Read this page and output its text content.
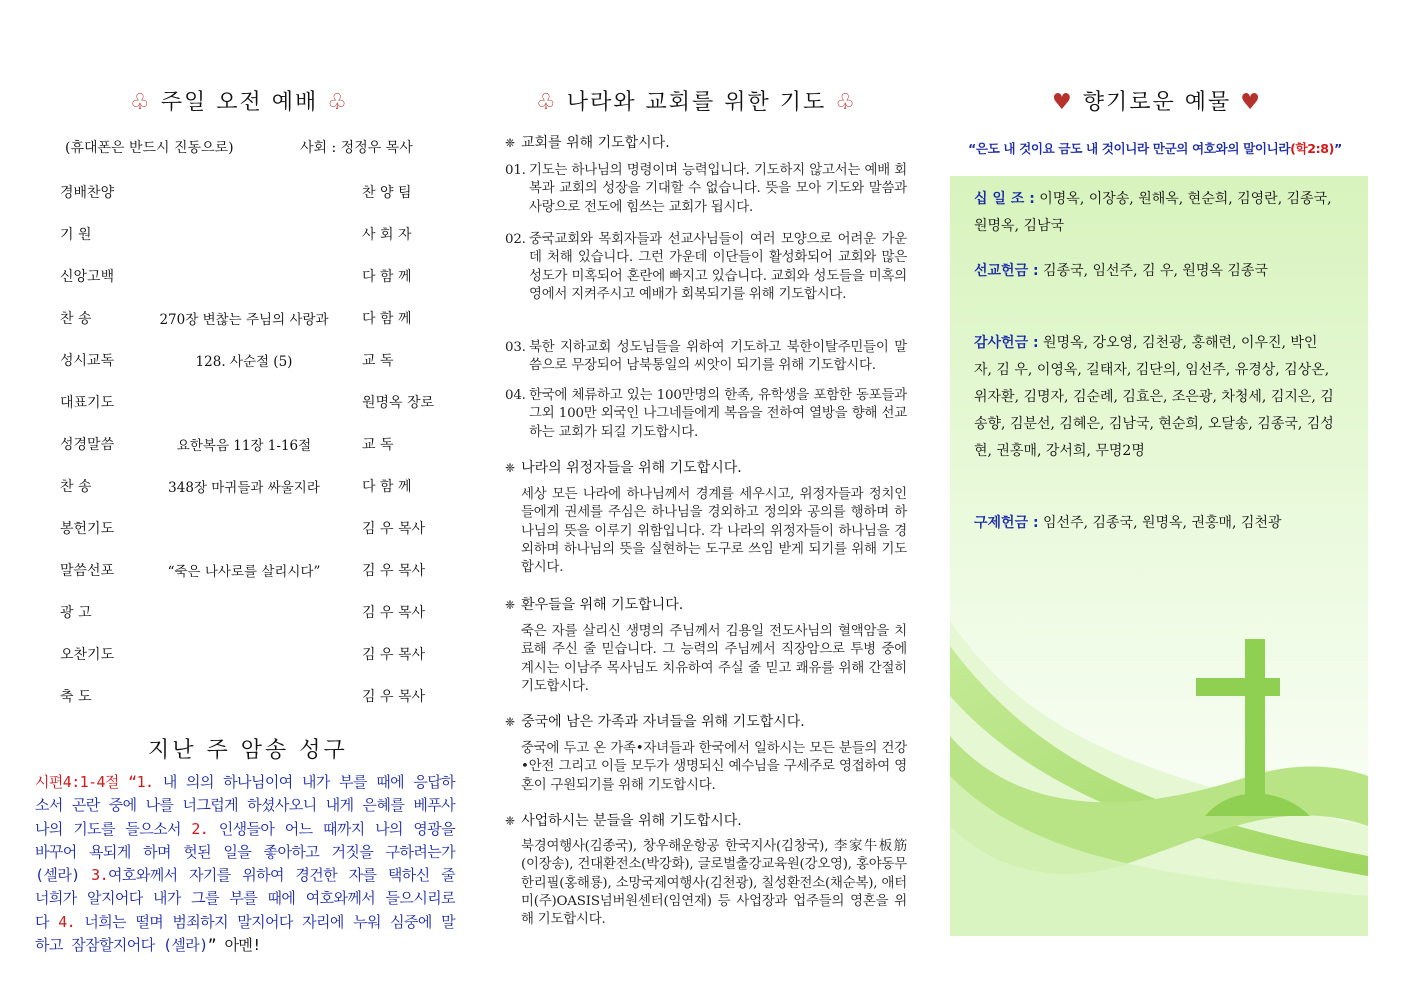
♧ 주일 오전 예배 ♧
(휴대폰은 반드시 진동으로)	사회 : 정정우 목사
경배찬양	찬 양 팀
기 원	사 회 자
신앙고백	다 함 께
찬 송	270장 변찮는 주님의 사랑과	다 함 께
성시교독	128. 사순절 (5)	교 독
대표기도	원명옥 장로
성경말씀	요한복음 11장 1-16절	교 독
찬 송	348장 마귀들과 싸울지라	다 함 께
봉헌기도	김 우 목사
말씀선포	“죽은 나사로를 살리시다”	김 우 목사
광 고	김 우 목사
오찬기도	김 우 목사
축 도	김 우 목사
지난 주 암송 성구
시편4:1-4절 “1. 내 의의 하나님이여 내가 부를 때에 응답하소서 곤란 중에 나를 너그럽게 하셨사오니 내게 은혜를 베푸사 나의 기도를 들으소서 2. 인생들아 어느 때까지 나의 영광을 바꾸어 욕되게 하며 헛된 일을 좋아하고 거짓을 구하려는가 (셀라) 3.여호와께서 자기를 위하여 경건한 자를 택하신 줄 너희가 알지어다 내가 그를 부를 때에 여호와께서 들으시리로다 4. 너희는 떨며 범죄하지 말지어다 자리에 누워 심중에 말하고 잠잠할지어다 (셀라)” 아멘!
♧ 나라와 교회를 위한 기도 ♧
❈ 교회를 위해 기도합시다.
01. 기도는 하나님의 명령이며 능력입니다. 기도하지 않고서는 예배 회복과 교회의 성장을 기대할 수 없습니다. 뜻을 모아 기도와 말씀과 사랑으로 전도에 힘쓰는 교회가 됩시다.
02. 중국교회와 목회자들과 선교사님들이 여러 모양으로 어려운 가운데 처해 있습니다. 그런 가운데 이단들이 활성화되어 교회와 많은 성도가 미혹되어 혼란에 빠지고 있습니다. 교회와 성도들을 미혹의 영에서 지켜주시고 예배가 회복되기를 위해 기도합시다.
03. 북한 지하교회 성도님들을 위하여 기도하고 북한이탈주민들이 말씀으로 무장되어 남북통일의 씨앗이 되기를 위해 기도합시다.
04. 한국에 체류하고 있는 100만명의 한족, 유학생을 포함한 동포들과 그외 100만 외국인 나그네들에게 복음을 전하여 열방을 향해 선교하는 교회가 되길 기도합시다.
❈ 나라의 위정자들을 위해 기도합시다.
세상 모든 나라에 하나님께서 경계를 세우시고, 위정자들과 정치인들에게 권세를 주심은 하나님을 경외하고 정의와 공의를 행하며 하나님의 뜻을 이루기 위함입니다. 각 나라의 위정자들이 하나님을 경외하며 하나님의 뜻을 실현하는 도구로 쓰임 받게 되기를 위해 기도합시다.
❈ 환우들을 위해 기도합니다.
죽은 자를 살리신 생명의 주님께서 김용일 전도사님의 혈액암을 치료해 주신 줄 믿습니다. 그 능력의 주님께서 직장암으로 투병 중에 계시는 이남주 목사님도 치유하여 주실 줄 믿고 쾌유를 위해 간절히 기도합시다.
❈ 중국에 남은 가족과 자녀들을 위해 기도합시다.
중국에 두고 온 가족•자녀들과 한국에서 일하시는 모든 분들의 건강•안전 그리고 이들 모두가 생명되신 예수님을 구세주로 영접하여 영혼이 구원되기를 위해 기도합시다.
❈ 사업하시는 분들을 위해 기도합시다.
북경여행사(김종국), 창우해운항공 한국지사(김창국), 李家牛板筋(이장송), 건대환전소(박강화), 글로벌출강교육원(강오영), 홍야동무한리필(홍해룡), 소망국제여행사(김천광), 칠성환전소(채순복), 애터미(주)OASIS넘버원센터(임연재) 등 사업장과 업주들의 영혼을 위해 기도합시다.
♥ 향기로운 예물 ♥
“은도 내 것이요 금도 내 것이니라 만군의 여호와의 말이니라(학2:8)”
십 일 조 : 이명옥, 이장송, 원해옥, 현순희, 김영란, 김종국, 원명옥, 김남국
선교헌금 : 김종국, 임선주, 김 우, 원명옥 김종국
감사헌금 : 원명옥, 강오영, 김천광, 홍해련, 이우진, 박인자, 김 우, 이영옥, 길태자, 김단의, 임선주, 유경상, 김상온, 위자환, 김명자, 김순례, 김효은, 조은광, 차청세, 김지은, 김송향, 김분선, 김혜은, 김남국, 현순희, 오달송, 김종국, 김성현, 권홍매, 강서희, 무명2명
구제헌금 : 임선주, 김종국, 원명옥, 권홍매, 김천광
